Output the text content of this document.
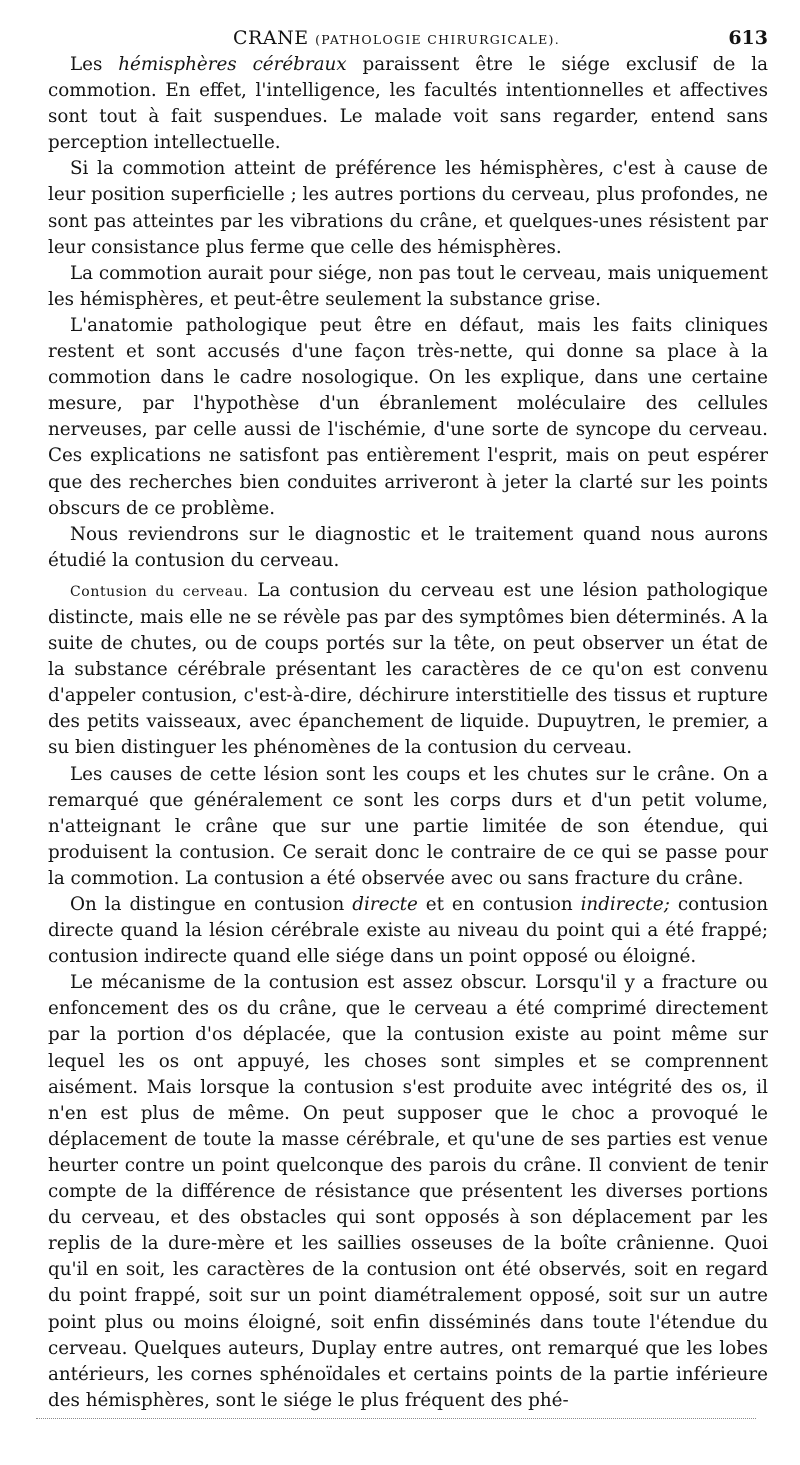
CRANE (PATHOLOGIE CHIRURGICALE).	613

Les hémisphères cérébraux paraissent être le siége exclusif de la commotion. En effet, l'intelligence, les facultés intentionnelles et affectives sont tout à fait suspendues. Le malade voit sans regarder, entend sans perception intellectuelle.

Si la commotion atteint de préférence les hémisphères, c'est à cause de leur position superficielle ; les autres portions du cerveau, plus profondes, ne sont pas atteintes par les vibrations du crâne, et quelques-unes résistent par leur consistance plus ferme que celle des hémisphères.

La commotion aurait pour siége, non pas tout le cerveau, mais uniquement les hémisphères, et peut-être seulement la substance grise.

L'anatomie pathologique peut être en défaut, mais les faits cliniques restent et sont accusés d'une façon très-nette, qui donne sa place à la commotion dans le cadre nosologique. On les explique, dans une certaine mesure, par l'hypothèse d'un ébranlement moléculaire des cellules nerveuses, par celle aussi de l'ischémie, d'une sorte de syncope du cerveau. Ces explications ne satisfont pas entièrement l'esprit, mais on peut espérer que des recherches bien conduites arriveront à jeter la clarté sur les points obscurs de ce problème.

Nous reviendrons sur le diagnostic et le traitement quand nous aurons étudié la contusion du cerveau.

Contusion du cerveau. La contusion du cerveau est une lésion pathologique distincte, mais elle ne se révèle pas par des symptômes bien déterminés. A la suite de chutes, ou de coups portés sur la tête, on peut observer un état de la substance cérébrale présentant les caractères de ce qu'on est convenu d'appeler contusion, c'est-à-dire, déchirure interstitielle des tissus et rupture des petits vaisseaux, avec épanchement de liquide. Dupuytren, le premier, a su bien distinguer les phénomènes de la contusion du cerveau.

Les causes de cette lésion sont les coups et les chutes sur le crâne. On a remarqué que généralement ce sont les corps durs et d'un petit volume, n'atteignant le crâne que sur une partie limitée de son étendue, qui produisent la contusion. Ce serait donc le contraire de ce qui se passe pour la commotion. La contusion a été observée avec ou sans fracture du crâne.

On la distingue en contusion directe et en contusion indirecte; contusion directe quand la lésion cérébrale existe au niveau du point qui a été frappé; contusion indirecte quand elle siége dans un point opposé ou éloigné.

Le mécanisme de la contusion est assez obscur. Lorsqu'il y a fracture ou enfoncement des os du crâne, que le cerveau a été comprimé directement par la portion d'os déplacée, que la contusion existe au point même sur lequel les os ont appuyé, les choses sont simples et se comprennent aisément. Mais lorsque la contusion s'est produite avec intégrité des os, il n'en est plus de même. On peut supposer que le choc a provoqué le déplacement de toute la masse cérébrale, et qu'une de ses parties est venue heurter contre un point quelconque des parois du crâne. Il convient de tenir compte de la différence de résistance que présentent les diverses portions du cerveau, et des obstacles qui sont opposés à son déplacement par les replis de la dure-mère et les saillies osseuses de la boîte crânienne. Quoi qu'il en soit, les caractères de la contusion ont été observés, soit en regard du point frappé, soit sur un point diamétralement opposé, soit sur un autre point plus ou moins éloigné, soit enfin disséminés dans toute l'étendue du cerveau. Quelques auteurs, Duplay entre autres, ont remarqué que les lobes antérieurs, les cornes sphénoïdales et certains points de la partie inférieure des hémisphères, sont le siége le plus fréquent des phé-
